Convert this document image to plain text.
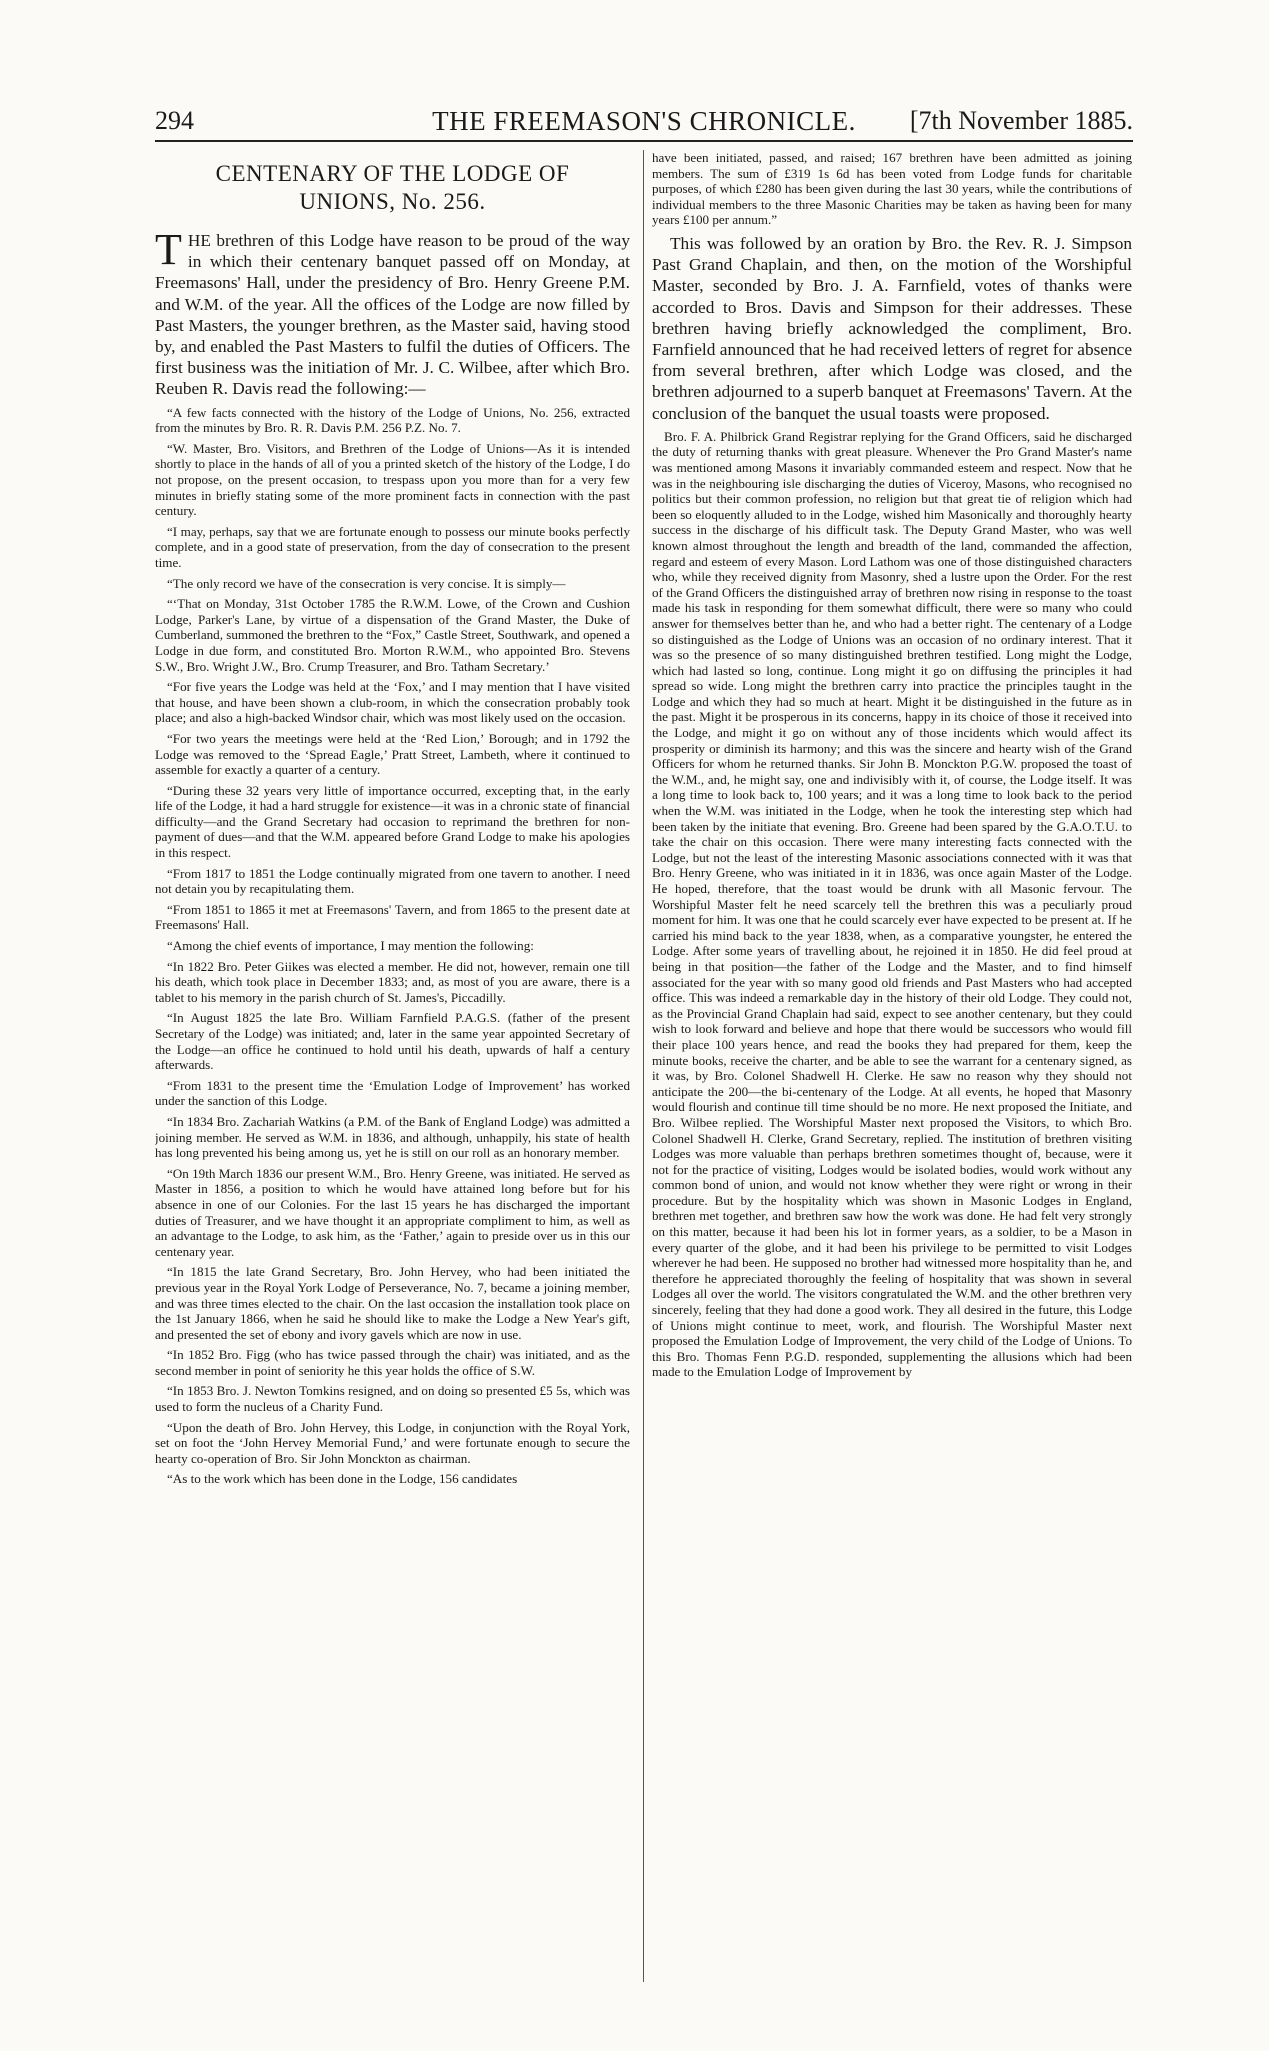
THE FREEMASON'S CHRONICLE.
294	[7th November 1885.
CENTENARY OF THE LODGE OF
UNIONS, No. 256.

THE brethren of this Lodge have reason to be proud of the way in which their centenary banquet passed off on Monday, at Freemasons' Hall, under the presidency of Bro. Henry Greene P.M. and W.M. of the year. All the offices of the Lodge are now filled by Past Masters, the younger brethren, as the Master said, having stood by, and enabled the Past Masters to fulfil the duties of Officers. The first business was the initiation of Mr. J. C. Wilbee, after which Bro. Reuben R. Davis read the following:—

“A few facts connected with the history of the Lodge of Unions, No. 256, extracted from the minutes by Bro. R. R. Davis P.M. 256 P.Z. No. 7.

“W. Master, Bro. Visitors, and Brethren of the Lodge of Unions—As it is intended shortly to place in the hands of all of you a printed sketch of the history of the Lodge, I do not propose, on the present occasion, to trespass upon you more than for a very few minutes in briefly stating some of the more prominent facts in connection with the past century.

“I may, perhaps, say that we are fortunate enough to possess our minute books perfectly complete, and in a good state of preservation, from the day of consecration to the present time.

“The only record we have of the consecration is very concise. It is simply—

“‘That on Monday, 31st October 1785 the R.W.M. Lowe, of the Crown and Cushion Lodge, Parker's Lane, by virtue of a dispensation of the Grand Master, the Duke of Cumberland, summoned the brethren to the “Fox,” Castle Street, Southwark, and opened a Lodge in due form, and constituted Bro. Morton R.W.M., who appointed Bro. Stevens S.W., Bro. Wright J.W., Bro. Crump Treasurer, and Bro. Tatham Secretary.’

“For five years the Lodge was held at the ‘Fox,’ and I may mention that I have visited that house, and have been shown a club-room, in which the consecration probably took place; and also a high-backed Windsor chair, which was most likely used on the occasion.

“For two years the meetings were held at the ‘Red Lion,’ Borough; and in 1792 the Lodge was removed to the ‘Spread Eagle,’ Pratt Street, Lambeth, where it continued to assemble for exactly a quarter of a century.

“During these 32 years very little of importance occurred, excepting that, in the early life of the Lodge, it had a hard struggle for existence—it was in a chronic state of financial difficulty—and the Grand Secretary had occasion to reprimand the brethren for non-payment of dues—and that the W.M. appeared before Grand Lodge to make his apologies in this respect.

“From 1817 to 1851 the Lodge continually migrated from one tavern to another. I need not detain you by recapitulating them.

“From 1851 to 1865 it met at Freemasons' Tavern, and from 1865 to the present date at Freemasons' Hall.

“Among the chief events of importance, I may mention the following:

“In 1822 Bro. Peter Giikes was elected a member. He did not, however, remain one till his death, which took place in December 1833; and, as most of you are aware, there is a tablet to his memory in the parish church of St. James's, Piccadilly.

“In August 1825 the late Bro. William Farnfield P.A.G.S. (father of the present Secretary of the Lodge) was initiated; and, later in the same year appointed Secretary of the Lodge—an office he continued to hold until his death, upwards of half a century afterwards.

“From 1831 to the present time the ‘Emulation Lodge of Improvement’ has worked under the sanction of this Lodge.

“In 1834 Bro. Zachariah Watkins (a P.M. of the Bank of England Lodge) was admitted a joining member. He served as W.M. in 1836, and although, unhappily, his state of health has long prevented his being among us, yet he is still on our roll as an honorary member.

“On 19th March 1836 our present W.M., Bro. Henry Greene, was initiated. He served as Master in 1856, a position to which he would have attained long before but for his absence in one of our Colonies. For the last 15 years he has discharged the important duties of Treasurer, and we have thought it an appropriate compliment to him, as well as an advantage to the Lodge, to ask him, as the ‘Father,’ again to preside over us in this our centenary year.

“In 1815 the late Grand Secretary, Bro. John Hervey, who had been initiated the previous year in the Royal York Lodge of Perseverance, No. 7, became a joining member, and was three times elected to the chair. On the last occasion the installation took place on the 1st January 1866, when he said he should like to make the Lodge a New Year's gift, and presented the set of ebony and ivory gavels which are now in use.

“In 1852 Bro. Figg (who has twice passed through the chair) was initiated, and as the second member in point of seniority he this year holds the office of S.W.

“In 1853 Bro. J. Newton Tomkins resigned, and on doing so presented £5 5s, which was used to form the nucleus of a Charity Fund.

“Upon the death of Bro. John Hervey, this Lodge, in conjunction with the Royal York, set on foot the ‘John Hervey Memorial Fund,’ and were fortunate enough to secure the hearty co-operation of Bro. Sir John Monckton as chairman.

“As to the work which has been done in the Lodge, 156 candidates

have been initiated, passed, and raised; 167 brethren have been admitted as joining members. The sum of £319 1s 6d has been voted from Lodge funds for charitable purposes, of which £280 has been given during the last 30 years, while the contributions of individual members to the three Masonic Charities may be taken as having been for many years £100 per annum.”

This was followed by an oration by Bro. the Rev. R. J. Simpson Past Grand Chaplain, and then, on the motion of the Worshipful Master, seconded by Bro. J. A. Farnfield, votes of thanks were accorded to Bros. Davis and Simpson for their addresses. These brethren having briefly acknowledged the compliment, Bro. Farnfield announced that he had received letters of regret for absence from several brethren, after which Lodge was closed, and the brethren adjourned to a superb banquet at Freemasons' Tavern. At the conclusion of the banquet the usual toasts were proposed.

Bro. F. A. Philbrick Grand Registrar replying for the Grand Officers, said he discharged the duty of returning thanks with great pleasure. Whenever the Pro Grand Master's name was mentioned among Masons it invariably commanded esteem and respect. Now that he was in the neighbouring isle discharging the duties of Viceroy, Masons, who recognised no politics but their common profession, no religion but that great tie of religion which had been so eloquently alluded to in the Lodge, wished him Masonically and thoroughly hearty success in the discharge of his difficult task. The Deputy Grand Master, who was well known almost throughout the length and breadth of the land, commanded the affection, regard and esteem of every Mason. Lord Lathom was one of those distinguished characters who, while they received dignity from Masonry, shed a lustre upon the Order. For the rest of the Grand Officers the distinguished array of brethren now rising in response to the toast made his task in responding for them somewhat difficult, there were so many who could answer for themselves better than he, and who had a better right. The centenary of a Lodge so distinguished as the Lodge of Unions was an occasion of no ordinary interest. That it was so the presence of so many distinguished brethren testified. Long might the Lodge, which had lasted so long, continue. Long might it go on diffusing the principles it had spread so wide. Long might the brethren carry into practice the principles taught in the Lodge and which they had so much at heart. Might it be distinguished in the future as in the past. Might it be prosperous in its concerns, happy in its choice of those it received into the Lodge, and might it go on without any of those incidents which would affect its prosperity or diminish its harmony; and this was the sincere and hearty wish of the Grand Officers for whom he returned thanks. Sir John B. Monckton P.G.W. proposed the toast of the W.M., and, he might say, one and indivisibly with it, of course, the Lodge itself. It was a long time to look back to, 100 years; and it was a long time to look back to the period when the W.M. was initiated in the Lodge, when he took the interesting step which had been taken by the initiate that evening. Bro. Greene had been spared by the G.A.O.T.U. to take the chair on this occasion. There were many interesting facts connected with the Lodge, but not the least of the interesting Masonic associations connected with it was that Bro. Henry Greene, who was initiated in it in 1836, was once again Master of the Lodge. He hoped, therefore, that the toast would be drunk with all Masonic fervour. The Worshipful Master felt he need scarcely tell the brethren this was a peculiarly proud moment for him. It was one that he could scarcely ever have expected to be present at. If he carried his mind back to the year 1838, when, as a comparative youngster, he entered the Lodge. After some years of travelling about, he rejoined it in 1850. He did feel proud at being in that position—the father of the Lodge and the Master, and to find himself associated for the year with so many good old friends and Past Masters who had accepted office. This was indeed a remarkable day in the history of their old Lodge. They could not, as the Provincial Grand Chaplain had said, expect to see another centenary, but they could wish to look forward and believe and hope that there would be successors who would fill their place 100 years hence, and read the books they had prepared for them, keep the minute books, receive the charter, and be able to see the warrant for a centenary signed, as it was, by Bro. Colonel Shadwell H. Clerke. He saw no reason why they should not anticipate the 200—the bi-centenary of the Lodge. At all events, he hoped that Masonry would flourish and continue till time should be no more. He next proposed the Initiate, and Bro. Wilbee replied. The Worshipful Master next proposed the Visitors, to which Bro. Colonel Shadwell H. Clerke, Grand Secretary, replied. The institution of brethren visiting Lodges was more valuable than perhaps brethren sometimes thought of, because, were it not for the practice of visiting, Lodges would be isolated bodies, would work without any common bond of union, and would not know whether they were right or wrong in their procedure. But by the hospitality which was shown in Masonic Lodges in England, brethren met together, and brethren saw how the work was done. He had felt very strongly on this matter, because it had been his lot in former years, as a soldier, to be a Mason in every quarter of the globe, and it had been his privilege to be permitted to visit Lodges wherever he had been. He supposed no brother had witnessed more hospitality than he, and therefore he appreciated thoroughly the feeling of hospitality that was shown in several Lodges all over the world. The visitors congratulated the W.M. and the other brethren very sincerely, feeling that they had done a good work. They all desired in the future, this Lodge of Unions might continue to meet, work, and flourish. The Worshipful Master next proposed the Emulation Lodge of Improvement, the very child of the Lodge of Unions. To this Bro. Thomas Fenn P.G.D. responded, supplementing the allusions which had been made to the Emulation Lodge of Improvement by
